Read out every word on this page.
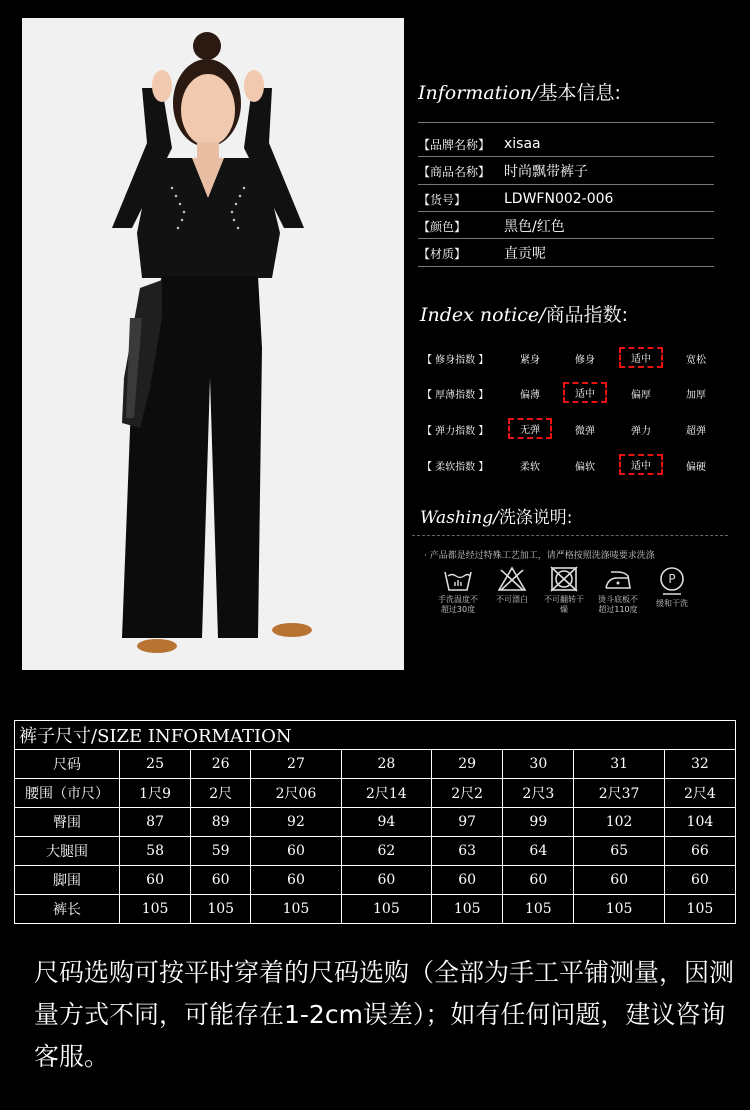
Information/基本信息:
【品牌名称】 xisaa
【商品名称】 时尚飘带裤子
【货号】	LDWFN002-006
【颜色】	黑色/红色
【材质】	直贡呢
Index notice/商品指数:
【 修身指数 】	紧身	修身	适中	宽松
【 厚薄指数 】	偏薄	适中	偏厚	加厚
【 弹力指数 】	无弹	微弹	弹力	超弹
【 柔软指数 】	柔软	偏软	适中	偏硬
Washing/洗涤说明:
· 产品都是经过特殊工艺加工，请严格按照洗涤唛要求洗涤
手洗温度不超过30度
不可漂白	不可翻转干燥
烫斗底板不超过110度
P
缓和干洗
裤子尺寸/SIZE INFORMATION								
尺码	25	26	27	28	29	30	31	32
腰围（市尺）	1尺9	2尺	2尺06	2尺14	2尺2	2尺3	2尺37	2尺4
臀围	87	89	92	94	97	99	102	104
大腿围	58	59	60	62	63	64	65	66
脚围	60	60	60	60	60	60	60	60
裤长	105	105	105	105	105	105	105	105
尺码选购可按平时穿着的尺码选购（全部为手工平铺测量，因测量方式不同，可能存在1-2cm误差）；如有任何问题，建议咨询客服。
